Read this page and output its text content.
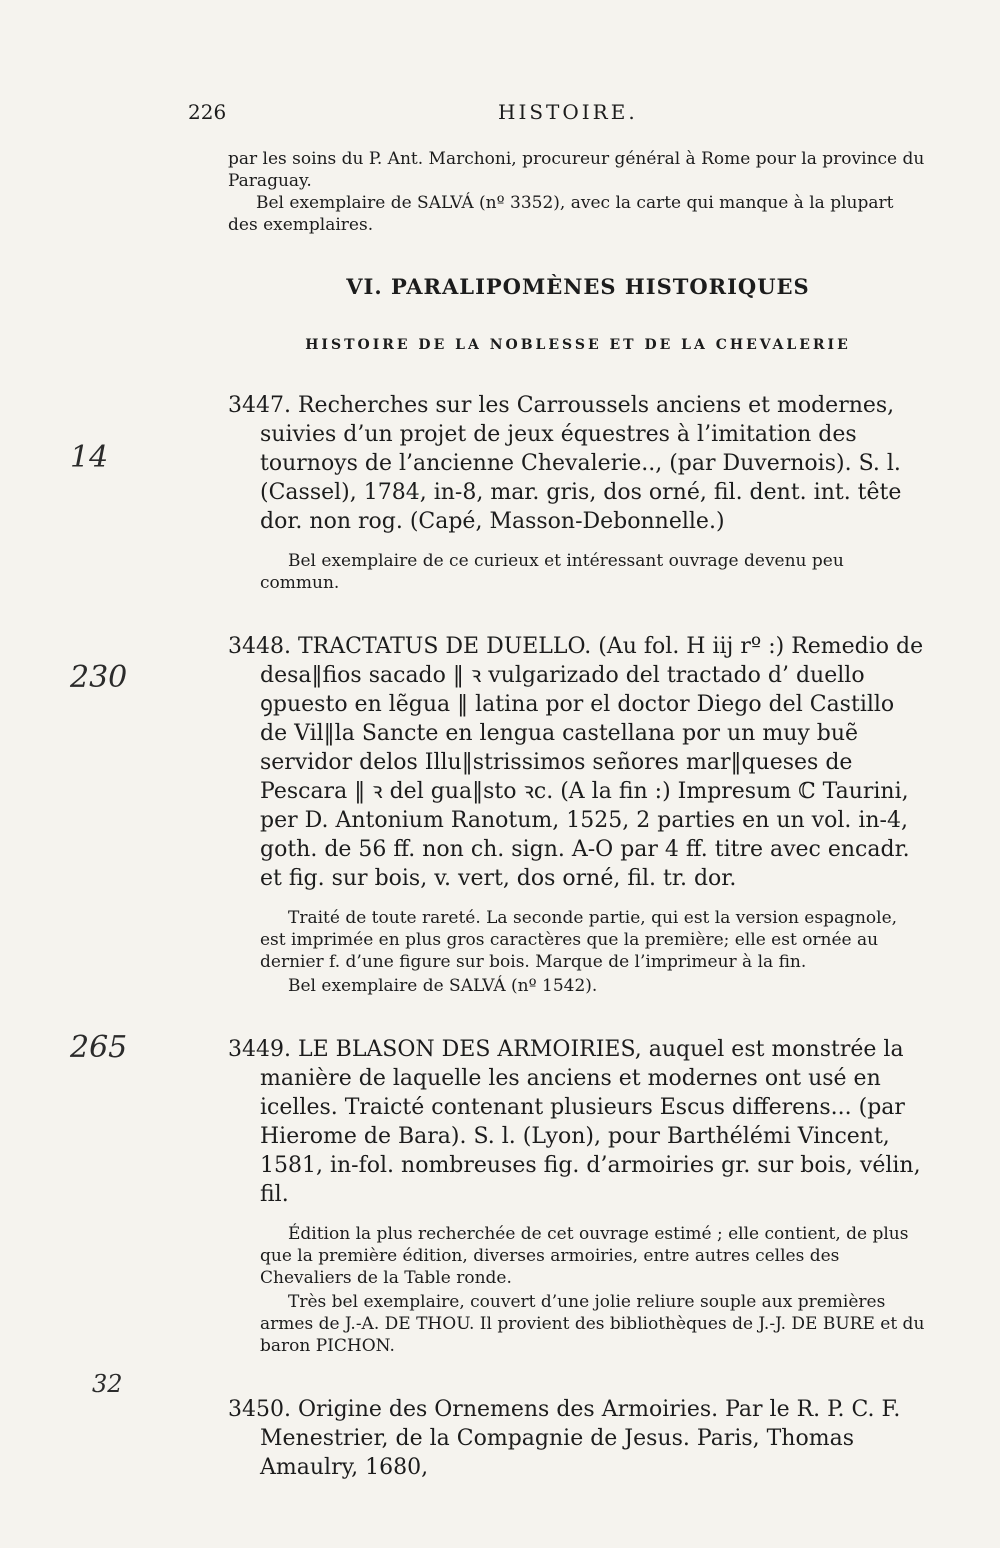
226	HISTOIRE.
14
230
265
32

par les soins du P. Ant. Marchoni, procureur général à Rome pour la province du Paraguay.

Bel exemplaire de SALVÁ (nº 3352), avec la carte qui manque à la plupart des exemplaires.

VI. PARALIPOMÈNES HISTORIQUES
HISTOIRE DE LA NOBLESSE ET DE LA CHEVALERIE
3447. Recherches sur les Carroussels anciens et modernes, suivies d’un projet de jeux équestres à l’imitation des tournoys de l’ancienne Chevalerie.., (par Duvernois). S. l. (Cassel), 1784, in-8, mar. gris, dos orné, fil. dent. int. tête dor. non rog. (Capé, Masson-Debonnelle.)

Bel exemplaire de ce curieux et intéressant ouvrage devenu peu commun.

3448. TRACTATUS DE DUELLO. (Au fol. H iij rº :) Remedio de desa‖fios sacado ‖ ꝛ vulgarizado del tractado d’ duello ꝯpuesto en lẽgua ‖ latina por el doctor Diego del Castillo de Vil‖la Sancte en lengua castellana por un muy buẽ servidor delos Illu‖strissimos señores mar‖queses de Pescara ‖ ꝛ del gua‖sto ꝛc. (A la fin :) Impresum ℂ Taurini, per D. Antonium Ranotum, 1525, 2 parties en un vol. in-4, goth. de 56 ff. non ch. sign. A-O par 4 ff. titre avec encadr. et fig. sur bois, v. vert, dos orné, fil. tr. dor.

Traité de toute rareté. La seconde partie, qui est la version espagnole, est imprimée en plus gros caractères que la première; elle est ornée au dernier f. d’une figure sur bois. Marque de l’imprimeur à la fin.

Bel exemplaire de SALVÁ (nº 1542).

3449. LE BLASON DES ARMOIRIES, auquel est monstrée la manière de laquelle les anciens et modernes ont usé en icelles. Traicté contenant plusieurs Escus differens... (par Hierome de Bara). S. l. (Lyon), pour Barthélémi Vincent, 1581, in-fol. nombreuses fig. d’armoiries gr. sur bois, vélin, fil.

Édition la plus recherchée de cet ouvrage estimé ; elle contient, de plus que la première édition, diverses armoiries, entre autres celles des Chevaliers de la Table ronde.

Très bel exemplaire, couvert d’une jolie reliure souple aux premières armes de J.-A. DE THOU. Il provient des bibliothèques de J.-J. DE BURE et du baron PICHON.

3450. Origine des Ornemens des Armoiries. Par le R. P. C. F. Menestrier, de la Compagnie de Jesus. Paris, Thomas Amaulry, 1680,
